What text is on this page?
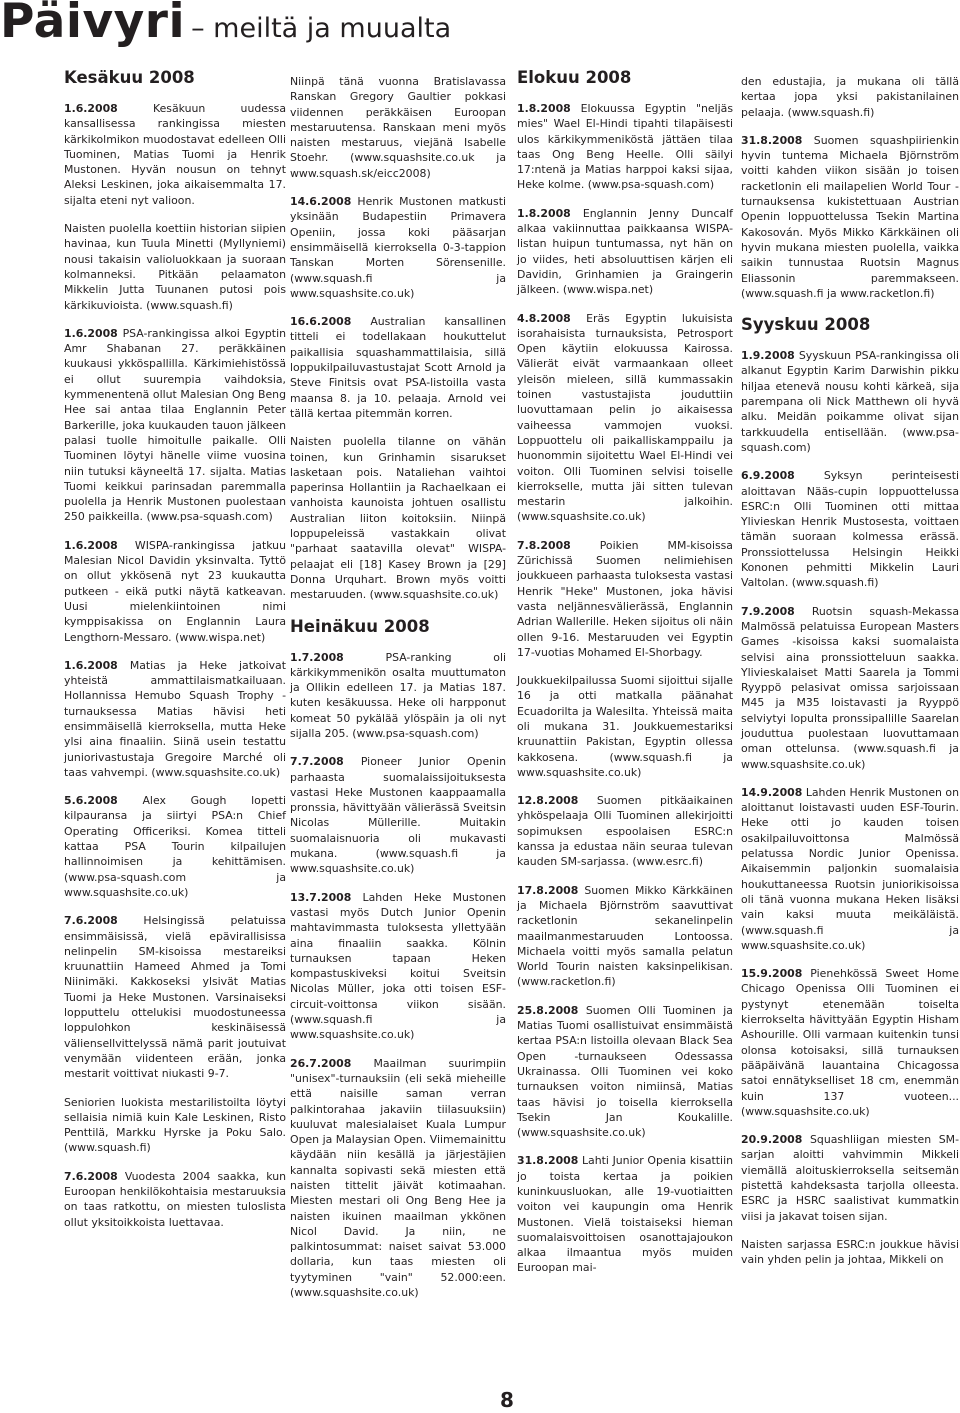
Päivyri – meiltä ja muualta
Kesäkuu 2008
1.6.2008	Kesäkuun uudessa kansallisessa rankingissa miesten kärkikolmikon muodostavat edelleen Olli Tuominen, Matias Tuomi ja Henrik Mustonen. Hyvän nousun on tehnyt Aleksi Leskinen, joka aikaisemmalta 17. sijalta eteni nyt valioon.
Naisten puolella koettiin historian siipien havinaa, kun Tuula Minetti (Myllyniemi) nousi takaisin valioluokkaan ja suoraan kolmanneksi. Pitkään pelaamaton Mikkelin Jutta Tuunanen putosi pois kärkikuvioista. (www.squash.fi)
1.6.2008 PSA-rankingissa alkoi Egyptin Amr Shabanan 27. peräkkäinen kuukausi ykköspallilla. Kärkimiehistössä ei ollut suurempia vaihdoksia, kymmenentenä ollut Malesian Ong Beng Hee sai antaa tilaa Englannin Peter Barkerille, joka kuukauden tauon jälkeen palasi tuolle himoitulle paikalle. Olli Tuominen löytyi hänelle viime vuosina niin tutuksi käyneeltä 17. sijalta. Matias Tuomi keikkui parinsadan paremmalla puolella ja Henrik Mustonen puolestaan 250 paikkeilla. (www.psa-squash.com)
1.6.2008 WISPA-rankingissa jatkuu Malesian Nicol Davidin yksinvalta. Tyttö on ollut ykkösenä nyt 23 kuukautta putkeen - eikä putki näytä katkeavan. Uusi mielenkiintoinen nimi kymppisakissa on Englannin Laura Lengthorn-Messaro. (www.wispa.net)
1.6.2008 Matias ja Heke jatkoivat yhteistä ammattilaismatkailuaan. Hollannissa Hemubo Squash Trophy -turnauksessa Matias hävisi heti ensimmäisellä kierroksella, mutta Heke ylsi aina finaaliin. Siinä usein testattu juniorivastustaja Gregoire Marché oli taas vahvempi. (www.squashsite.co.uk)
5.6.2008 Alex Gough lopetti kilpauransa ja siirtyi PSA:n Chief Operating Officeriksi. Komea titteli kattaa PSA Tourin kilpailujen hallinnoimisen ja kehittämisen. (www.psa-squash.com ja www.squashsite.co.uk)
7.6.2008 Helsingissä pelatuissa ensimmäisissä, vielä epävirallisissa nelinpelin SM-kisoissa mestareiksi kruunattiin Hameed Ahmed ja Tomi Niinimäki. Kakkoseksi ylsivät Matias Tuomi ja Heke Mustonen. Varsinaiseksi lopputtelu ottelukisi muodostuneessa loppulohkon keskinäisessä väliensellvittelyssä nämä parit joutuivat venymään viidenteen erään, jonka mestarit voittivat niukasti 9-7.
Seniorien luokista mestarilistoilta löytyi sellaisia nimiä kuin Kale Leskinen, Risto Penttilä, Markku Hyrske ja Poku Salo. (www.squash.fi)
7.6.2008 Vuodesta 2004 saakka, kun Euroopan henkilökohtaisia mestaruuksia on taas ratkottu, on miesten tuloslista ollut yksitoikkoista luettavaa.
Niinpä tänä vuonna Bratislavassa Ranskan Gregory Gaultier pokkasi viidennen peräkkäisen Euroopan mestaruutensa. Ranskaan meni myös naisten mestaruus, viejänä Isabelle Stoehr. (www.squashsite.co.uk ja www.squash.sk/eicc2008)
14.6.2008 Henrik Mustonen matkusti yksinään Budapestiin Primavera Openiin, jossa koki pääsarjan ensimmäisellä kierroksella 0-3-tappion Tanskan Morten Sörensenille. (www.squash.fi ja www.squashsite.co.uk)
16.6.2008 Australian kansallinen titteli ei todellakaan houkuttelut paikallisia squashammattilaisia, sillä loppukilpailuvastustajat Scott Arnold ja Steve Finitsis ovat PSA-listoilla vasta maansa 8. ja 10. pelaaja. Arnold vei tällä kertaa pitemmän korren.
Naisten puolella tilanne on vähän toinen, kun Grinhamin sisarukset lasketaan pois. Nataliehan vaihtoi paperinsa Hollantiin ja Rachaelkaan ei vanhoista kaunoista johtuen osallistu Australian liiton koitoksiin. Niinpä loppupeleissä vastakkain olivat "parhaat saatavilla olevat" WISPA-pelaajat eli [18] Kasey Brown ja [29] Donna Urquhart. Brown myös voitti mestaruuden. (www.squashsite.co.uk)
Heinäkuu 2008
1.7.2008	PSA-ranking oli kärkikymmenikön osalta muuttumaton ja Ollikin edelleen 17. ja Matias 187. kuten kesäkuussa. Heke oli harpponut komeat 50 pykälää ylöspäin ja oli nyt sijalla 205. (www.psa-squash.com)
7.7.2008 Pioneer Junior Openin parhaasta suomalaissijoituksesta vastasi Heke Mustonen kaappaamalla pronssia, hävittyään välierässä Sveitsin Nicolas Müllerille. Muitakin suomalaisnuoria oli mukavasti mukana. (www.squash.fi ja www.squashsite.co.uk)
13.7.2008 Lahden Heke Mustonen vastasi myös Dutch Junior Openin mahtavimmasta tuloksesta yllettyään aina finaaliin saakka. Kölnin turnauksen tapaan Heken kompastuskiveksi koitui Sveitsin Nicolas Müller, joka otti toisen ESF-circuit-voittonsa viikon sisään. (www.squash.fi ja www.squashsite.co.uk)
26.7.2008 Maailman suurimpiin "unisex"-turnauksiin (eli sekä mieheille että naisille saman verran palkintorahaa jakaviin tiilasuuksiin) kuuluvat malesialaiset Kuala Lumpur Open ja Malaysian Open. Viimemainittu käydään niin kesällä ja järjestäjien kannalta sopivasti sekä miesten että naisten tittelit jäivät kotimaahan. Miesten mestari oli Ong Beng Hee ja naisten ikuinen maailman ykkönen Nicol David. Ja niin, ne palkintosummat: naiset saivat 53.000 dollaria, kun taas miesten oli tyytyminen "vain" 52.000:een. (www.squashsite.co.uk)
Elokuu 2008
1.8.2008 Elokuussa Egyptin "neljäs mies" Wael El-Hindi tipahti tilapäisesti ulos kärkikymmeniköstä jättäen tilaa taas Ong Beng Heelle. Olli säilyi 17:ntenä ja Matias harppoi kaksi sijaa, Heke kolme. (www.psa-squash.com)
1.8.2008 Englannin Jenny Duncalf alkaa vakiinnuttaa paikkaansa WISPA-listan huipun tuntumassa, nyt hän on jo viides, heti absoluuttisen kärjen eli Davidin, Grinhamien ja Graingerin jälkeen. (www.wispa.net)
4.8.2008 Eräs Egyptin lukuisista isorahaisista turnauksista, Petrosport Open käytiin elokuussa Kairossa. Välierät eivät varmaankaan olleet yleisön mieleen, sillä kummassakin toinen vastustajista jouduttiin luovuttamaan pelin jo aikaisessa vaiheessa vammojen vuoksi. Loppuottelu oli paikalliskamppailu ja huonommin sijoitettu Wael El-Hindi vei voiton. Olli Tuominen selvisi toiselle kierrokselle, mutta jäi sitten tulevan mestarin jalkoihin. (www.squashsite.co.uk)
7.8.2008	Poikien MM-kisoissa Zürichissä Suomen nelimiehisen joukkueen parhaasta tuloksesta vastasi Henrik "Heke" Mustonen, joka hävisi vasta neljännesvälierässä, Englannin Adrian Wallerille. Heken sijoitus oli näin ollen 9-16. Mestaruuden vei Egyptin 17-vuotias Mohamed El-Shorbagy.
Joukkuekilpailussa Suomi sijoittui sijalle 16 ja otti matkalla päänahat Ecuadorilta ja Walesilta. Yhteissä maita oli mukana 31. Joukkuemestariksi kruunattiin Pakistan, Egyptin ollessa kakkosena. (www.squash.fi ja www.squashsite.co.uk)
12.8.2008 Suomen pitkäaikainen yhköspelaaja Olli Tuominen allekirjoitti sopimuksen espoolaisen ESRC:n kanssa ja edustaa näin seuraa tulevan kauden SM-sarjassa. (www.esrc.fi)
17.8.2008 Suomen Mikko Kärkkäinen ja Michaela Björnström saavuttivat racketlonin sekanelinpelin maailmanmestaruuden Lontoossa. Michaela voitti myös samalla pelatun World Tourin naisten kaksinpelikisan. (www.racketlon.fi)
25.8.2008 Suomen Olli Tuominen ja Matias Tuomi osallistuivat ensimmäistä kertaa PSA:n listoilla olevaan Black Sea Open -turnaukseen Odessassa Ukrainassa. Olli Tuominen vei koko turnauksen voiton nimiinsä, Matias taas hävisi jo toisella kierroksella Tsekin Jan Koukalille. (www.squashsite.co.uk)
31.8.2008 Lahti Junior Openia kisattiin jo toista kertaa ja poikien kuninkuusluokan, alle 19-vuotiaitten voiton vei kaupungin oma Henrik Mustonen. Vielä toistaiseksi hieman suomalaisvoittoisen osanottajajoukon alkaa ilmaantua myös muiden Euroopan mai-
den edustajia, ja mukana oli tällä kertaa jopa yksi pakistanilainen pelaaja. (www.squash.fi)
31.8.2008 Suomen squashpiirienkin hyvin tuntema Michaela Björnström voitti kahden viikon sisään jo toisen racketlonin eli mailapelien World Tour -turnauksensa kukistettuaan Austrian Openin loppuottelussa Tsekin Martina Kakosován. Myös Mikko Kärkkäinen oli hyvin mukana miesten puolella, vaikka saikin tunnustaa Ruotsin Magnus Eliassonin paremmakseen. (www.squash.fi ja www.racketlon.fi)
Syyskuu 2008
1.9.2008 Syyskuun PSA-rankingissa oli alkanut Egyptin Karim Darwishin pikku hiljaa etenevä nousu kohti kärkeä, sija parempana oli Nick Matthewn oli hyvä alku. Meidän poikamme olivat sijan tarkkuudella entisellään. (www.psa-squash.com)
6.9.2008	Syksyn perinteisesti aloittavan Nääs-cupin loppuottelussa ESRC:n Olli Tuominen otti mittaa Ylivieskan Henrik Mustosesta, voittaen tämän suoraan kolmessa erässä. Pronssiottelussa Helsingin Heikki Kononen pehmitti Mikkelin Lauri Valtolan. (www.squash.fi)
7.9.2008 Ruotsin squash-Mekassa Malmössä pelatuissa European Masters Games -kisoissa kaksi suomalaista selvisi aina pronssiotteluun saakka. Ylivieskalaiset Matti Saarela ja Tommi Ryyppö pelasivat omissa sarjoissaan M45 ja M35 loistavasti ja Ryyppö selviytyi lopulta pronssipallille Saarelan jouduttua puolestaan luovuttamaan oman ottelunsa. (www.squash.fi ja www.squashsite.co.uk)
14.9.2008 Lahden Henrik Mustonen on aloittanut loistavasti uuden ESF-Tourin. Heke otti jo kauden toisen osakilpailuvoittonsa Malmössä pelatussa Nordic Junior Openissa. Aikaisemmin paljonkin suomalaisia houkuttaneessa Ruotsin juniorikisoissa oli tänä vuonna mukana Heken lisäksi vain kaksi muuta meikäläistä. (www.squash.fi ja www.squashsite.co.uk)
15.9.2008 Pienehkössä Sweet Home Chicago Openissa Olli Tuominen ei pystynyt etenemään toiselta kierrokselta hävittyään Egyptin Hisham Ashourille. Olli varmaan kuitenkin tunsi olonsa kotoisaksi, sillä turnauksen pääpäivänä lauantaina Chicagossa satoi ennätykselliset 18 cm, enemmän kuin 137 vuoteen... (www.squashsite.co.uk)
20.9.2008 Squashliigan miesten SM-sarjan aloitti vahvimmin Mikkeli viemällä aloituskierroksella seitsemän pistettä kahdeksasta tarjolla olleesta. ESRC ja HSRC saalistivat kummatkin viisi ja jakavat toisen sijan.
Naisten sarjassa ESRC:n joukkue hävisi vain yhden pelin ja johtaa, Mikkeli on
8
